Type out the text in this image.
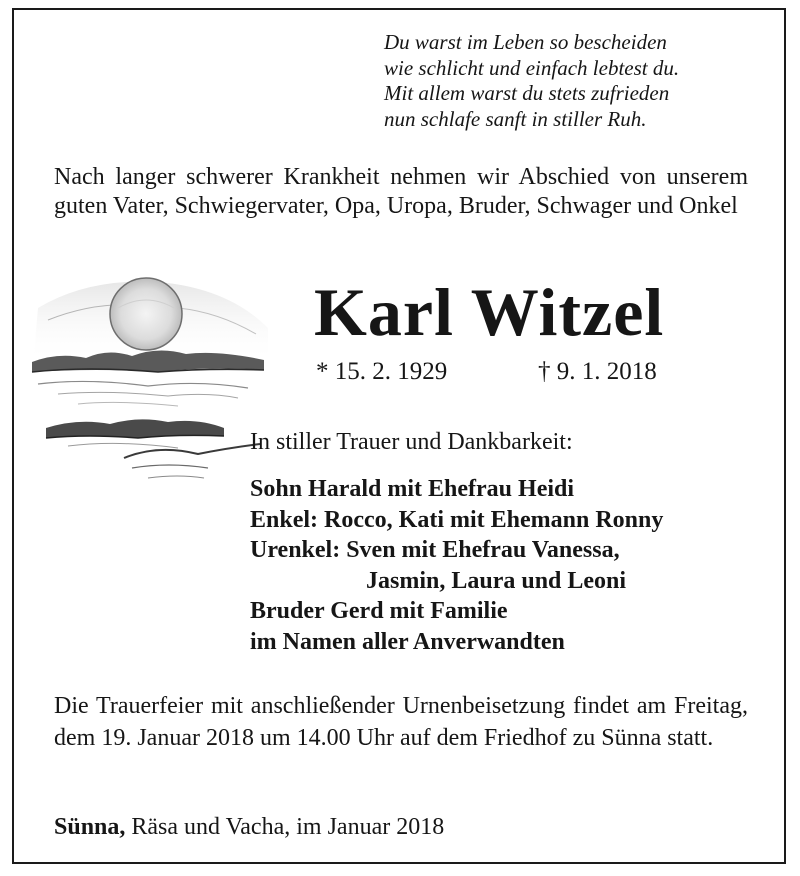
Du warst im Leben so bescheiden
wie schlicht und einfach lebtest du.
Mit allem warst du stets zufrieden
nun schlafe sanft in stiller Ruh.
Nach langer schwerer Krankheit nehmen wir Abschied von unserem guten Vater, Schwiegervater, Opa, Uropa, Bruder, Schwager und Onkel
Karl Witzel
* 15. 2. 1929	† 9. 1. 2018
In stiller Trauer und Dankbarkeit:
Sohn Harald mit Ehefrau Heidi
Enkel: Rocco, Kati mit Ehemann Ronny
Urenkel: Sven mit Ehefrau Vanessa,
Jasmin, Laura und Leoni
Bruder Gerd mit Familie
im Namen aller Anverwandten
Die Trauerfeier mit anschließender Urnenbeisetzung findet am Freitag, dem 19. Januar 2018 um 14.00 Uhr auf dem Friedhof zu Sünna statt.
Sünna, Räsa und Vacha, im Januar 2018
